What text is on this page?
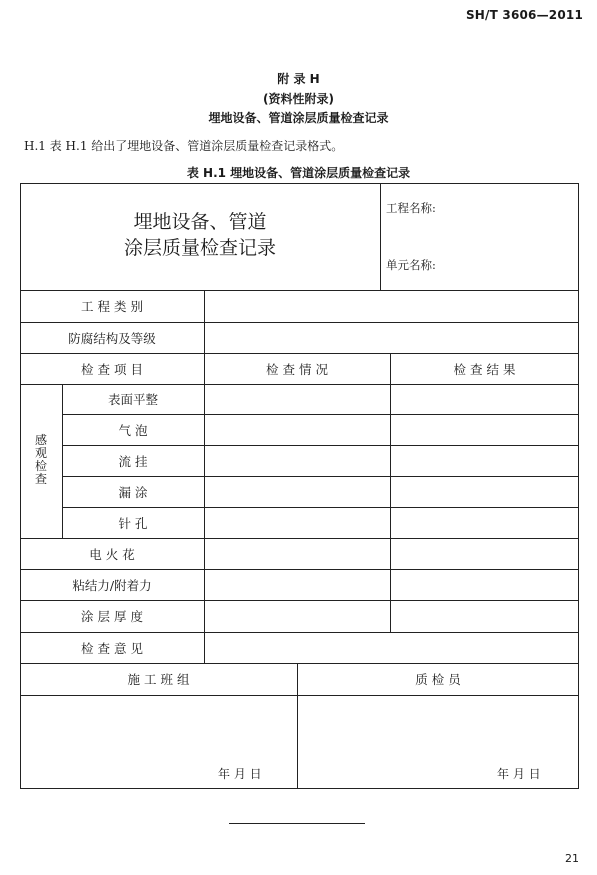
SH/T 3606—2011
附 录 H
(资料性附录)
埋地设备、管道涂层质量检查记录
H.1 表 H.1 给出了埋地设备、管道涂层质量检查记录格式。
表 H.1 埋地设备、管道涂层质量检查记录
埋地设备、管道
涂层质量检查记录
工程名称:
单元名称:
工 程 类 别
防腐结构及等级
检 查 项 目	检 查 情 况	检 查 结 果
感观检查
表面平整
气 泡
流 挂
漏 涂
针 孔
电 火 花
粘结力/附着力
涂 层 厚 度
检 查 意 见
施 工 班 组	质 检 员
年 月 日	年 月 日
21
